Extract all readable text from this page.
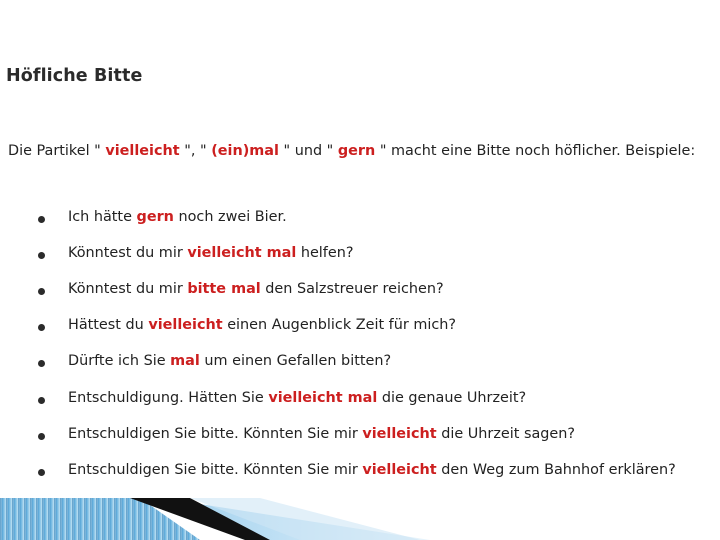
Höfliche Bitte
Die Partikel " vielleicht ", " (ein)mal " und " gern " macht eine Bitte noch höflicher. Beispiele:
Ich hätte gern noch zwei Bier.
Könntest du mir vielleicht mal helfen?
Könntest du mir bitte mal den Salzstreuer reichen?
Hättest du vielleicht einen Augenblick Zeit für mich?
Dürfte ich Sie mal um einen Gefallen bitten?
Entschuldigung. Hätten Sie vielleicht mal die genaue Uhrzeit?
Entschuldigen Sie bitte. Könnten Sie mir vielleicht die Uhrzeit sagen?
Entschuldigen Sie bitte. Könnten Sie mir vielleicht den Weg zum Bahnhof erklären?
